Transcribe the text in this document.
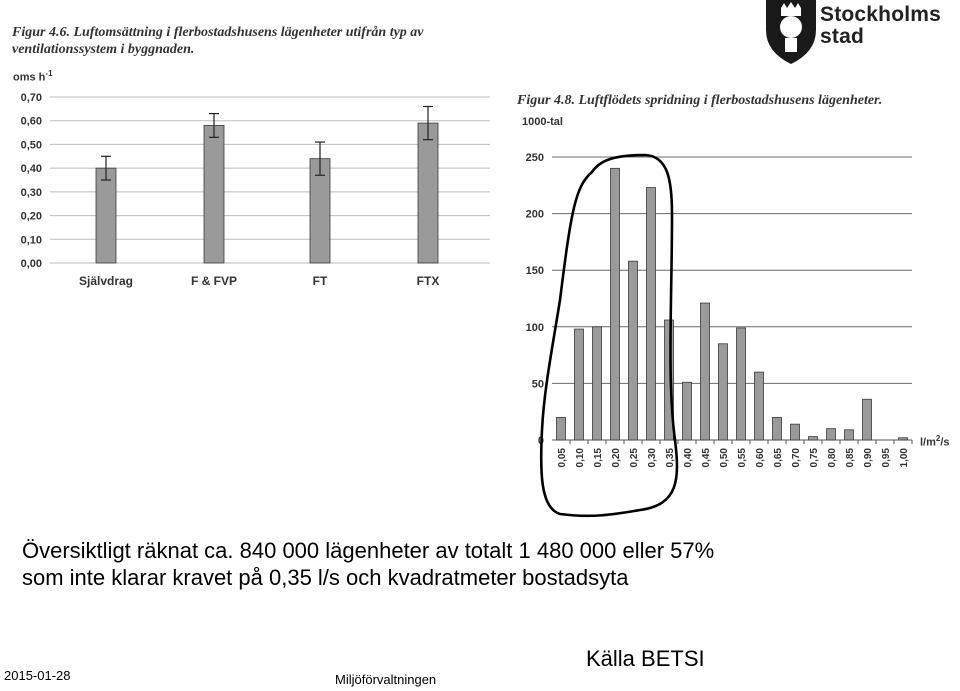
Figur 4.6. Luftomsättning i flerbostadshusens lägenheter utifrån typ av ventilationssystem i byggnaden.
oms $h^{-1}$
Figur 4.8. Luftflödets spridning i flerbostadshusens lägenheter.
1000-tal
$l/m^2/s$
0,00
0,10
0,20
0,30
0,40
0,50
0,60
0,70
Självdrag	F & FVP	FT	FTX
0
50
100
150
200
250
0,05 0,10 0,15 0,20 0,25 0,30 0,35 0,40 0,45 0,50 0,55 0,60 0,65 0,70 0,75 0,80 0,85 0,90 0,95 1,00
Stockholms
stad
Översiktligt räknat ca. 840 000 lägenheter av totalt 1 480 000 eller 57%
som inte klarar kravet på 0,35 l/s och kvadratmeter bostadsyta
2015-01-28	Miljöförvaltningen
Källa BETSI
